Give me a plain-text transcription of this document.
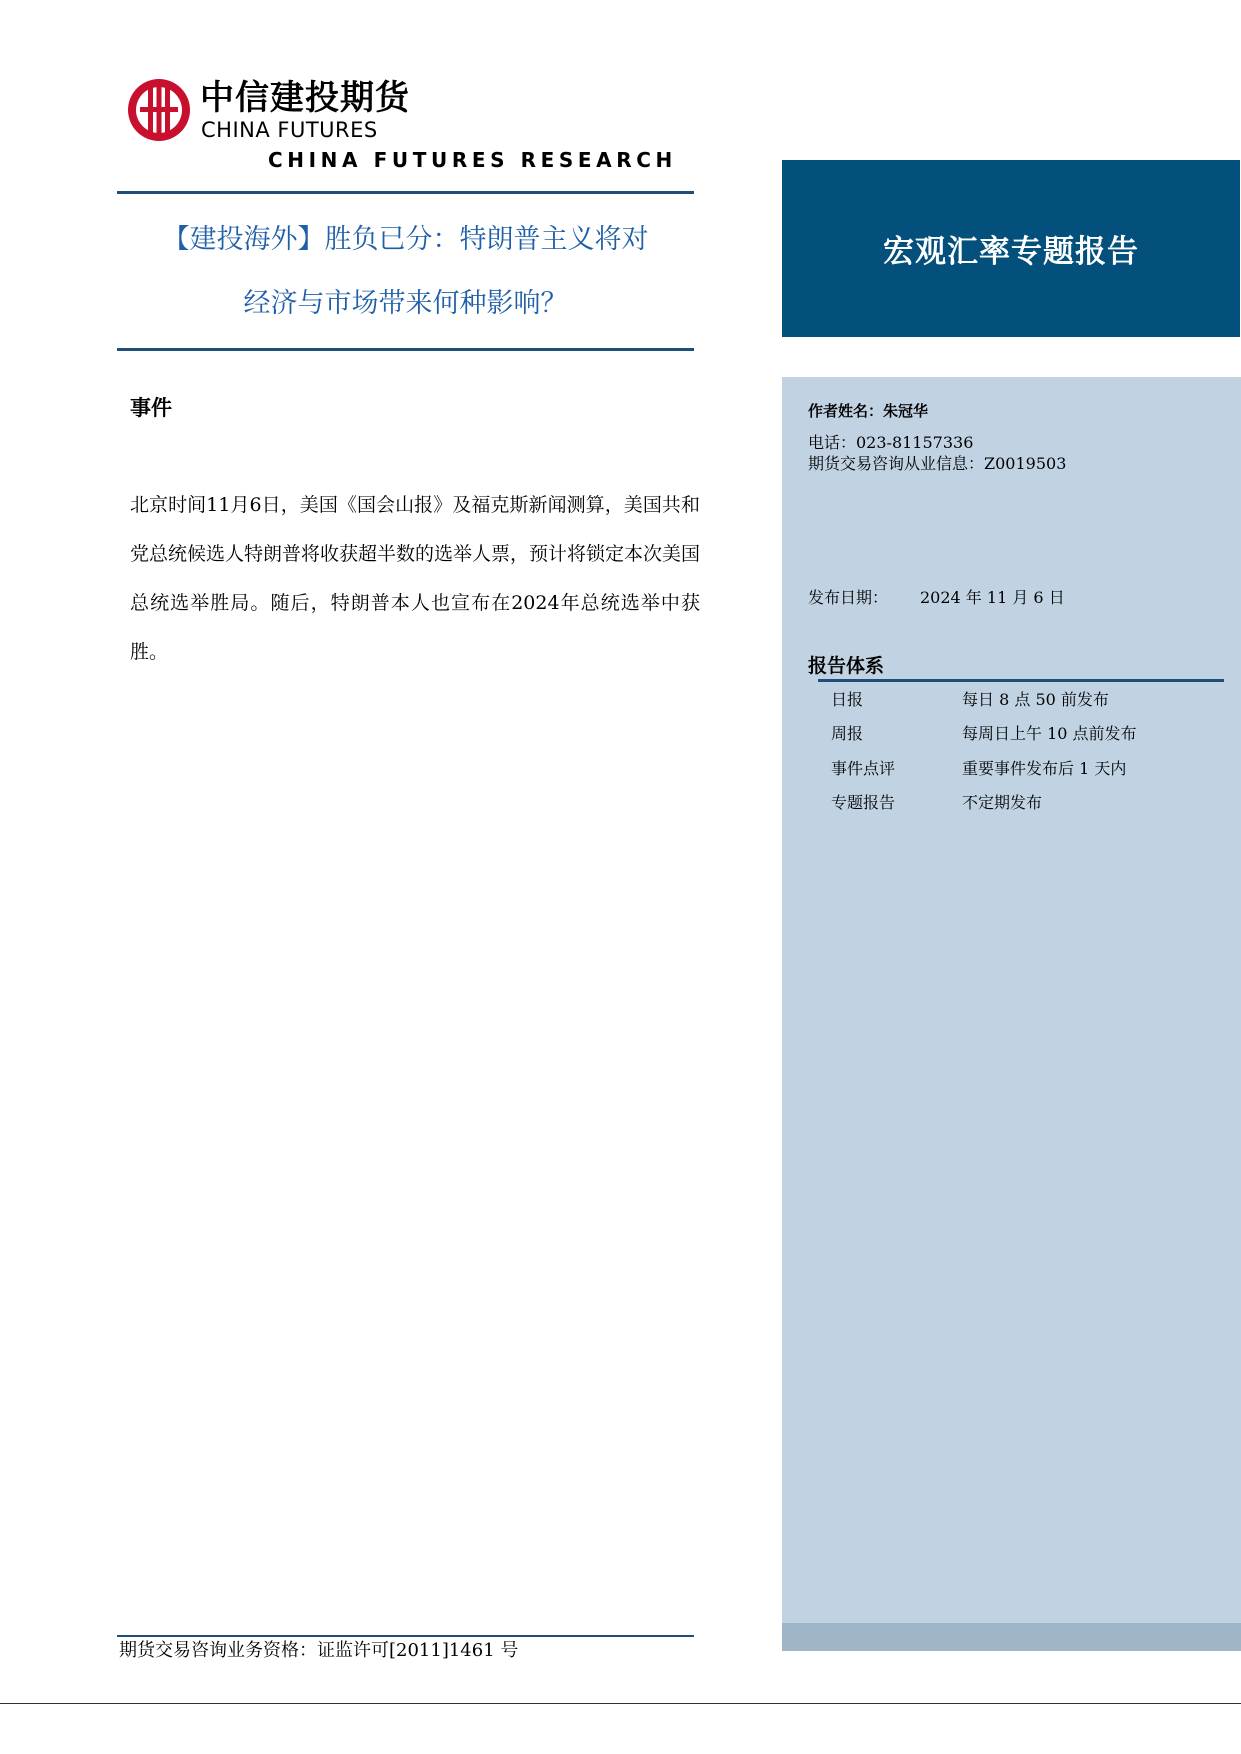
中信建投期货
CHINA FUTURES
CHINA FUTURES RESEARCH
【建投海外】胜负已分：特朗普主义将对
经济与市场带来何种影响？
宏观汇率专题报告
作者姓名：朱冠华
电话：023-81157336
期货交易咨询从业信息：Z0019503
发布日期： 2024 年 11 月 6 日
报告体系
日报	每日 8 点 50 前发布
周报	每周日上午 10 点前发布
事件点评	重要事件发布后 1 天内
专题报告	不定期发布
事件
北京时间11月6日，美国《国会山报》及福克斯新闻测算，美国共和党总统候选人特朗普将收获超半数的选举人票，预计将锁定本次美国总统选举胜局。随后，特朗普本人也宣布在2024年总统选举中获胜。
期货交易咨询业务资格：证监许可[2011]1461 号
